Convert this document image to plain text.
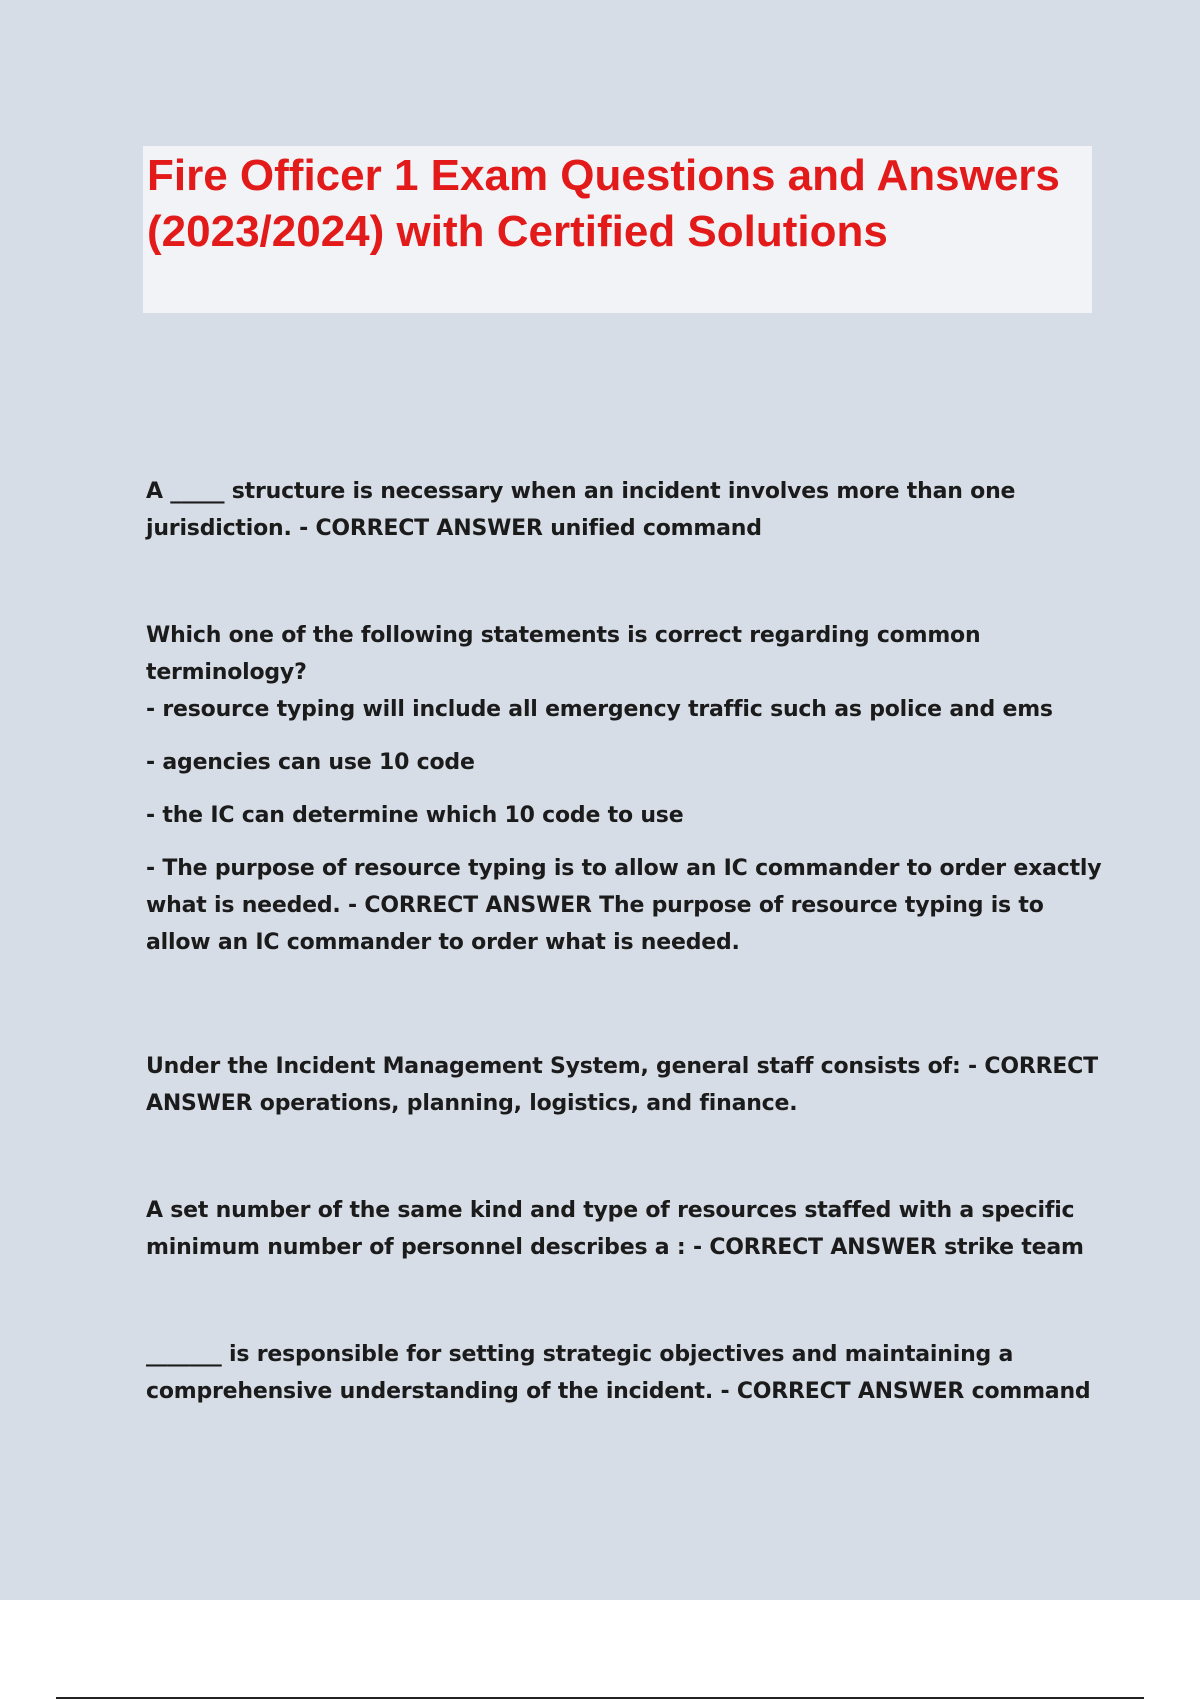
Fire Officer 1 Exam Questions and Answers (2023/2024) with Certified Solutions

A _____ structure is necessary when an incident involves more than one jurisdiction. - CORRECT ANSWER unified command

Which one of the following statements is correct regarding common terminology?

- resource typing will include all emergency traffic such as police and ems

- agencies can use 10 code

- the IC can determine which 10 code to use

- The purpose of resource typing is to allow an IC commander to order exactly what is needed. - CORRECT ANSWER The purpose of resource typing is to allow an IC commander to order what is needed.

Under the Incident Management System, general staff consists of: - CORRECT ANSWER operations, planning, logistics, and finance.

A set number of the same kind and type of resources staffed with a specific minimum number of personnel describes a : - CORRECT ANSWER strike team

_______ is responsible for setting strategic objectives and maintaining a comprehensive understanding of the incident. - CORRECT ANSWER command
